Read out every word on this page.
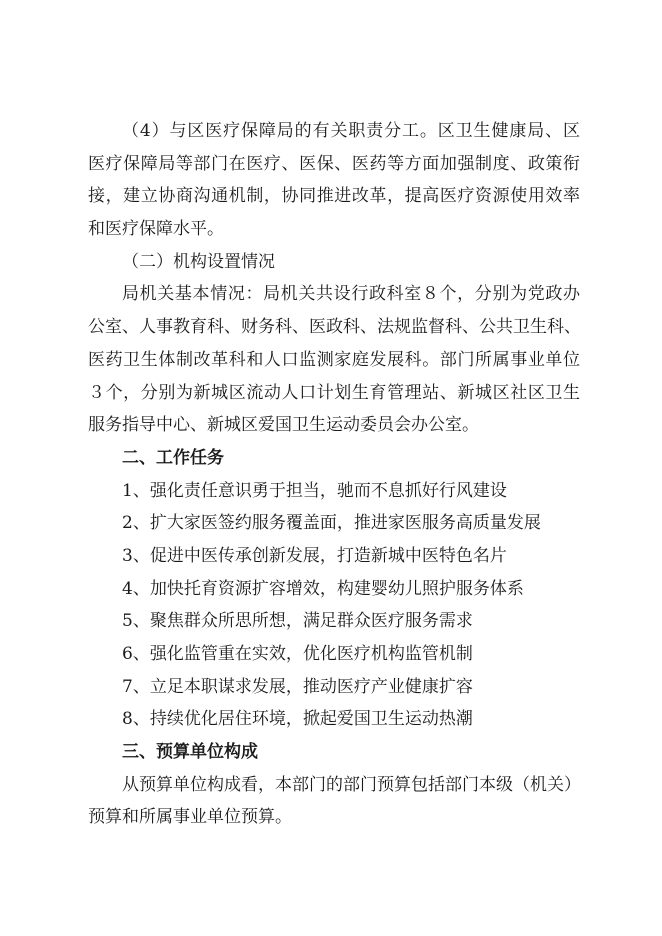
（4）与区医疗保障局的有关职责分工。区卫生健康局、区
医疗保障局等部门在医疗、医保、医药等方面加强制度、政策衔
接，建立协商沟通机制，协同推进改革，提高医疗资源使用效率
和医疗保障水平。
（二）机构设置情况
局机关基本情况：局机关共设行政科室８个，分别为党政办
公室、人事教育科、财务科、医政科、法规监督科、公共卫生科、
医药卫生体制改革科和人口监测家庭发展科。部门所属事业单位
３个，分别为新城区流动人口计划生育管理站、新城区社区卫生
服务指导中心、新城区爱国卫生运动委员会办公室。
二、工作任务
1、强化责任意识勇于担当，驰而不息抓好行风建设
2、扩大家医签约服务覆盖面，推进家医服务高质量发展
3、促进中医传承创新发展，打造新城中医特色名片
4、加快托育资源扩容增效，构建婴幼儿照护服务体系
5、聚焦群众所思所想，满足群众医疗服务需求
6、强化监管重在实效，优化医疗机构监管机制
7、立足本职谋求发展，推动医疗产业健康扩容
8、持续优化居住环境，掀起爱国卫生运动热潮
三、预算单位构成
从预算单位构成看，本部门的部门预算包括部门本级（机关）
预算和所属事业单位预算。
